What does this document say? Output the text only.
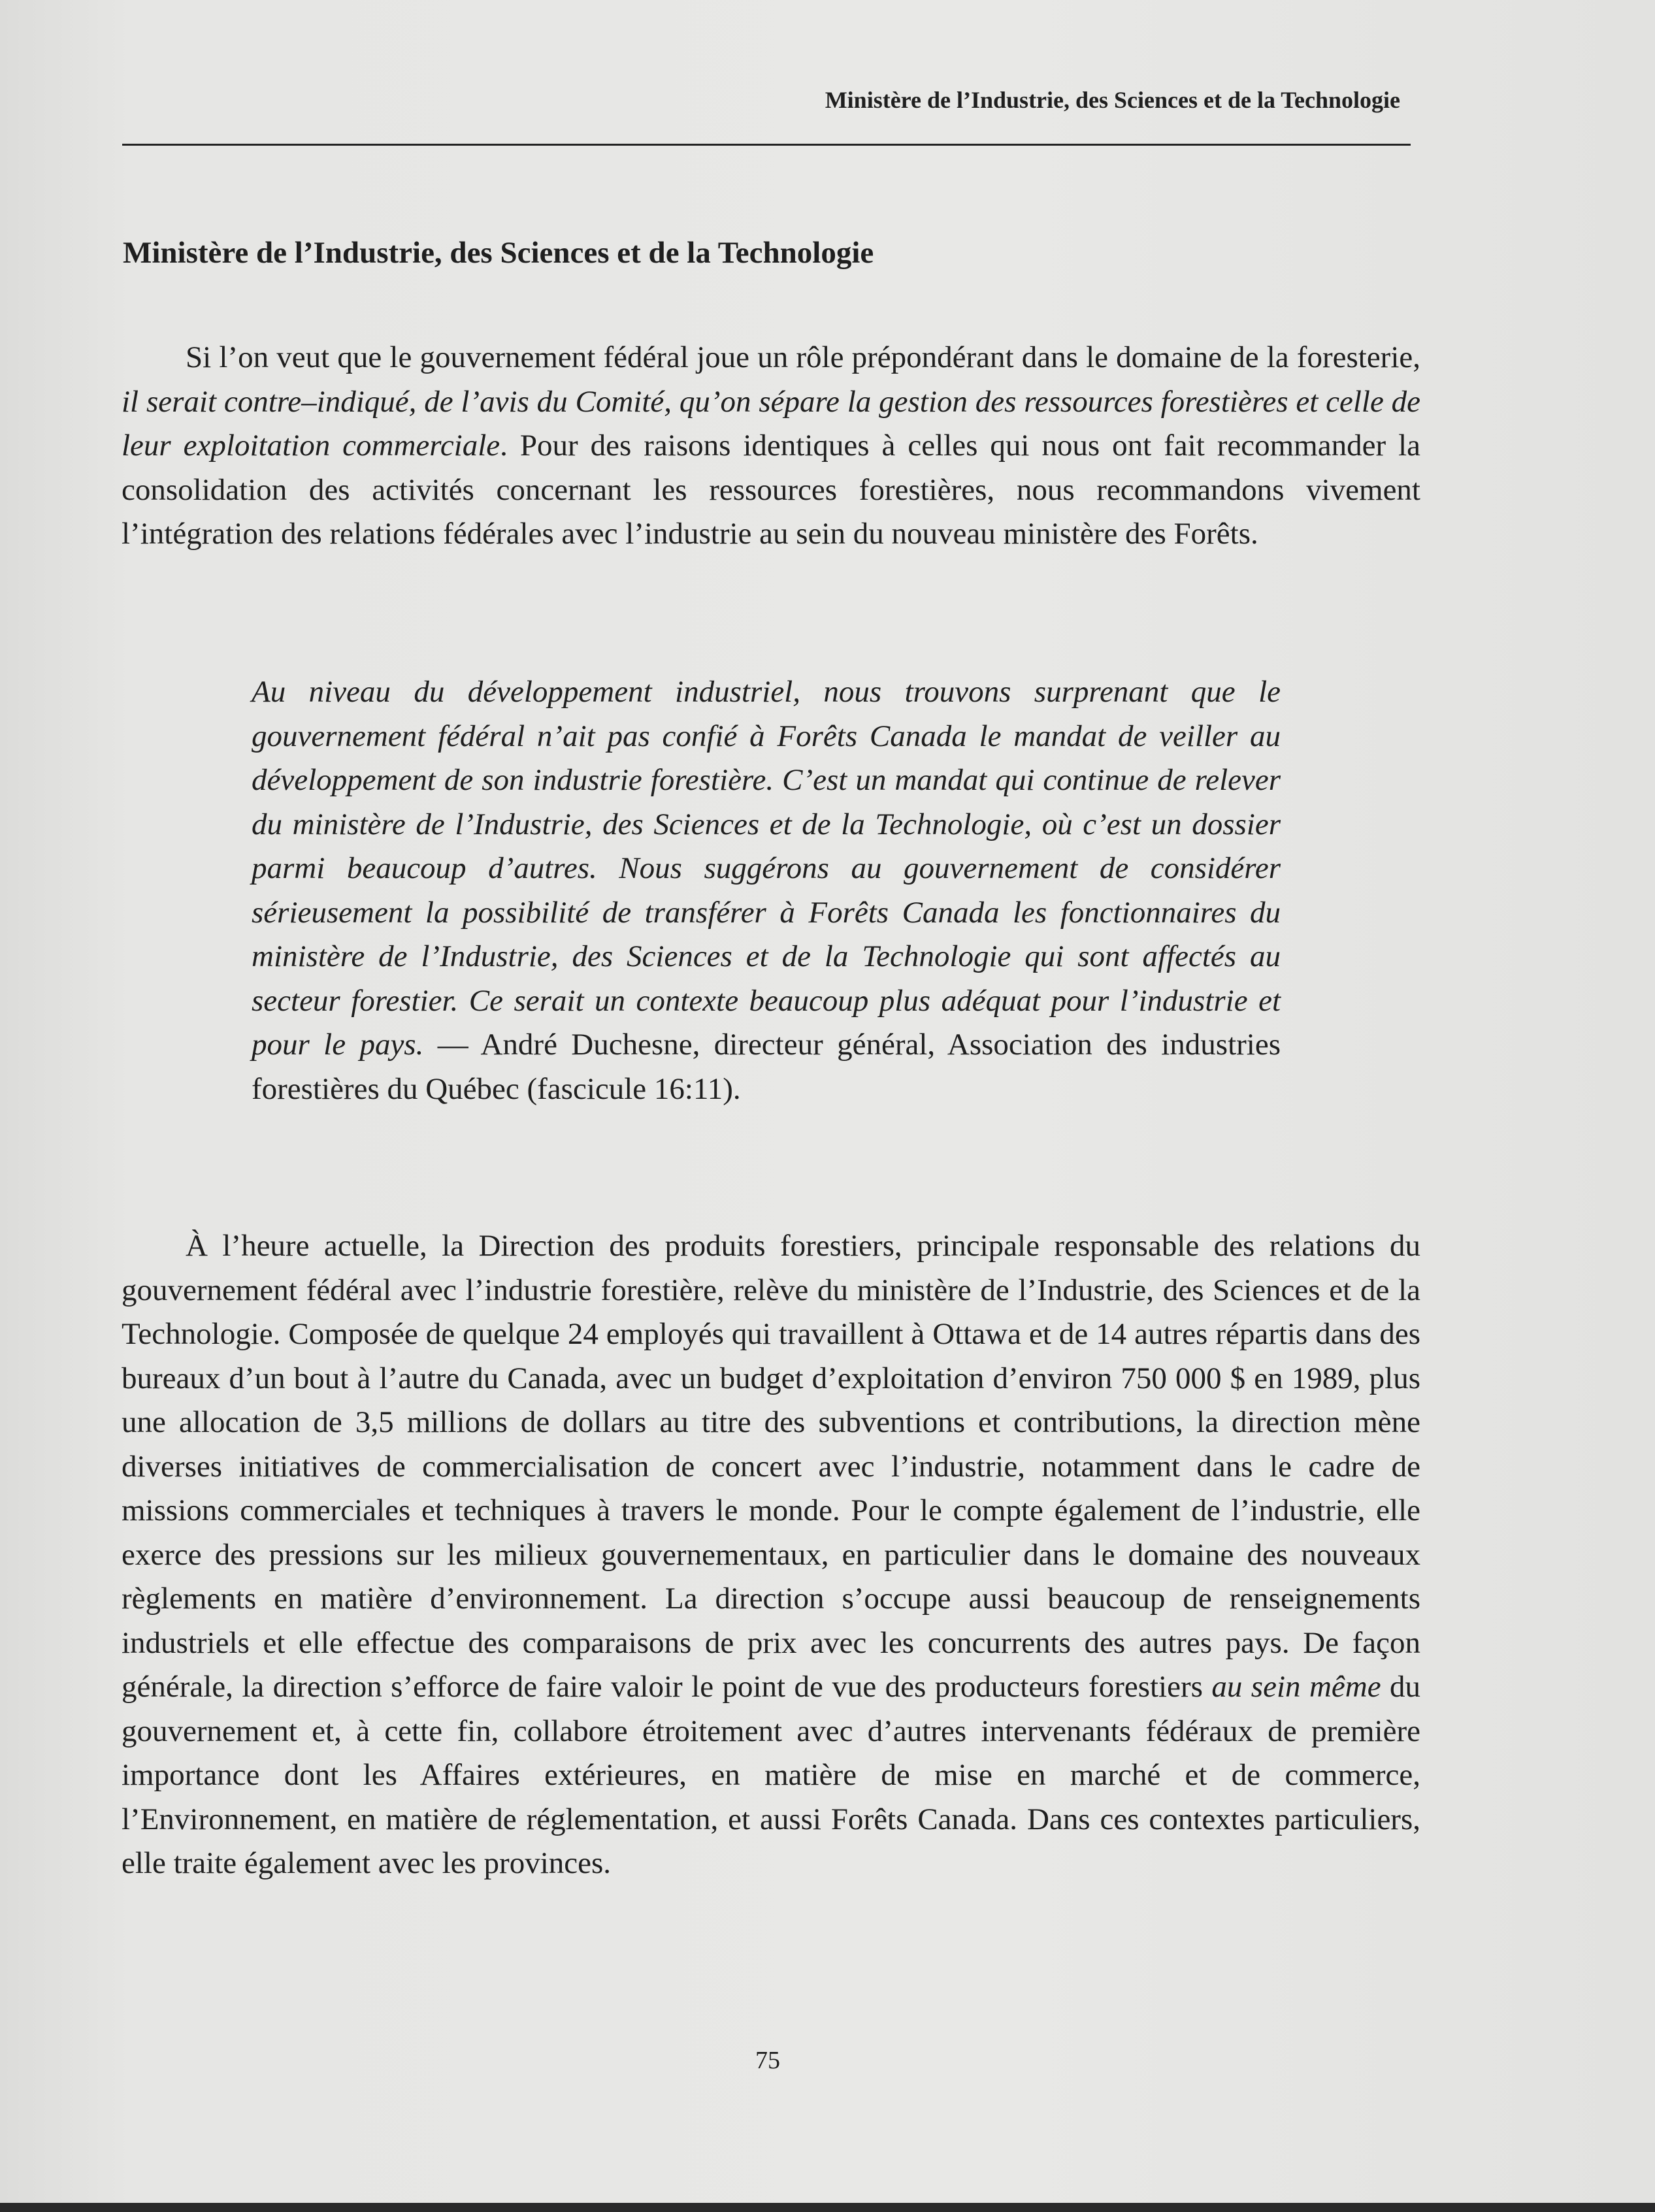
Ministère de l’Industrie, des Sciences et de la Technologie
Ministère de l’Industrie, des Sciences et de la Technologie

Si l’on veut que le gouvernement fédéral joue un rôle prépondérant dans le domaine de la foresterie, il serait contre–indiqué, de l’avis du Comité, qu’on sépare la gestion des ressources forestières et celle de leur exploitation commerciale. Pour des raisons identiques à celles qui nous ont fait recommander la consolidation des activités concernant les ressources forestières, nous recommandons vivement l’intégration des relations fédérales avec l’industrie au sein du nouveau ministère des Forêts.

Au niveau du développement industriel, nous trouvons surprenant que le gouvernement fédéral n’ait pas confié à Forêts Canada le mandat de veiller au développement de son industrie forestière. C’est un mandat qui continue de relever du ministère de l’Industrie, des Sciences et de la Technologie, où c’est un dossier parmi beaucoup d’autres. Nous suggérons au gouvernement de considérer sérieusement la possibilité de transférer à Forêts Canada les fonctionnaires du ministère de l’Industrie, des Sciences et de la Technologie qui sont affectés au secteur forestier. Ce serait un contexte beaucoup plus adéquat pour l’industrie et pour le pays. — André Duchesne, directeur général, Association des industries forestières du Québec (fascicule 16:11).

À l’heure actuelle, la Direction des produits forestiers, principale responsable des relations du gouvernement fédéral avec l’industrie forestière, relève du ministère de l’Industrie, des Sciences et de la Technologie. Composée de quelque 24 employés qui travaillent à Ottawa et de 14 autres répartis dans des bureaux d’un bout à l’autre du Canada, avec un budget d’exploitation d’environ 750 000 $ en 1989, plus une allocation de 3,5 millions de dollars au titre des subventions et contributions, la direction mène diverses initiatives de commercialisation de concert avec l’industrie, notamment dans le cadre de missions commerciales et techniques à travers le monde. Pour le compte également de l’industrie, elle exerce des pressions sur les milieux gouvernementaux, en particulier dans le domaine des nouveaux règlements en matière d’environnement. La direction s’occupe aussi beaucoup de renseignements industriels et elle effectue des comparaisons de prix avec les concurrents des autres pays. De façon générale, la direction s’efforce de faire valoir le point de vue des producteurs forestiers au sein même du gouvernement et, à cette fin, collabore étroitement avec d’autres intervenants fédéraux de première importance dont les Affaires extérieures, en matière de mise en marché et de commerce, l’Environnement, en matière de réglementation, et aussi Forêts Canada. Dans ces contextes particuliers, elle traite également avec les provinces.

75
